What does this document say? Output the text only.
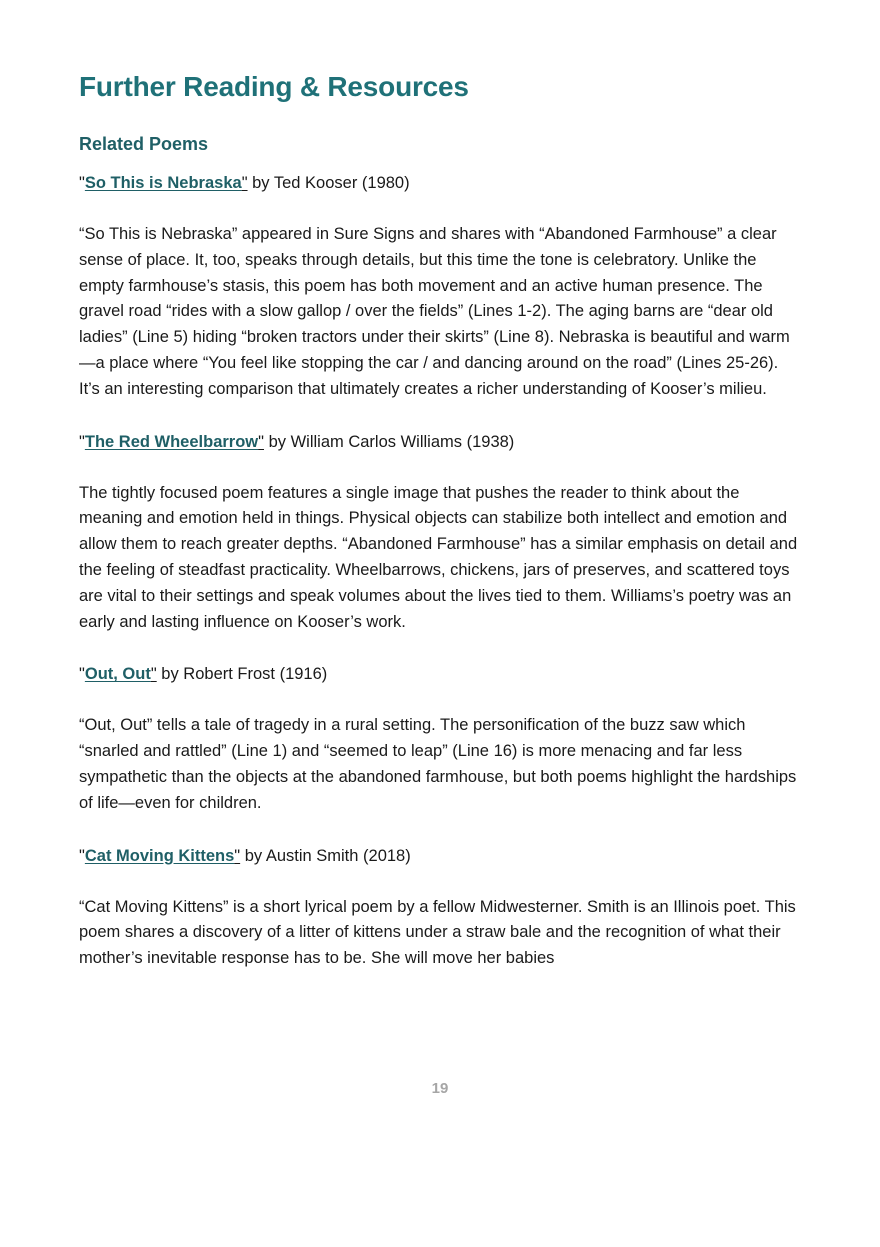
Further Reading & Resources
Related Poems

"So This is Nebraska" by Ted Kooser (1980)

“So This is Nebraska” appeared in Sure Signs and shares with “Abandoned Farmhouse” a clear sense of place. It, too, speaks through details, but this time the tone is celebratory. Unlike the empty farmhouse’s stasis, this poem has both movement and an active human presence. The gravel road “rides with a slow gallop / over the fields” (Lines 1-2). The aging barns are “dear old ladies” (Line 5) hiding “broken tractors under their skirts” (Line 8). Nebraska is beautiful and warm—a place where “You feel like stopping the car / and dancing around on the road” (Lines 25-26). It’s an interesting comparison that ultimately creates a richer understanding of Kooser’s milieu.

"The Red Wheelbarrow" by William Carlos Williams (1938)

The tightly focused poem features a single image that pushes the reader to think about the meaning and emotion held in things. Physical objects can stabilize both intellect and emotion and allow them to reach greater depths. “Abandoned Farmhouse” has a similar emphasis on detail and the feeling of steadfast practicality. Wheelbarrows, chickens, jars of preserves, and scattered toys are vital to their settings and speak volumes about the lives tied to them. Williams’s poetry was an early and lasting influence on Kooser’s work.

"Out, Out" by Robert Frost (1916)

“Out, Out” tells a tale of tragedy in a rural setting. The personification of the buzz saw which “snarled and rattled” (Line 1) and “seemed to leap” (Line 16) is more menacing and far less sympathetic than the objects at the abandoned farmhouse, but both poems highlight the hardships of life—even for children.

"Cat Moving Kittens" by Austin Smith (2018)

“Cat Moving Kittens” is a short lyrical poem by a fellow Midwesterner. Smith is an Illinois poet. This poem shares a discovery of a litter of kittens under a straw bale and the recognition of what their mother’s inevitable response has to be. She will move her babies

19
